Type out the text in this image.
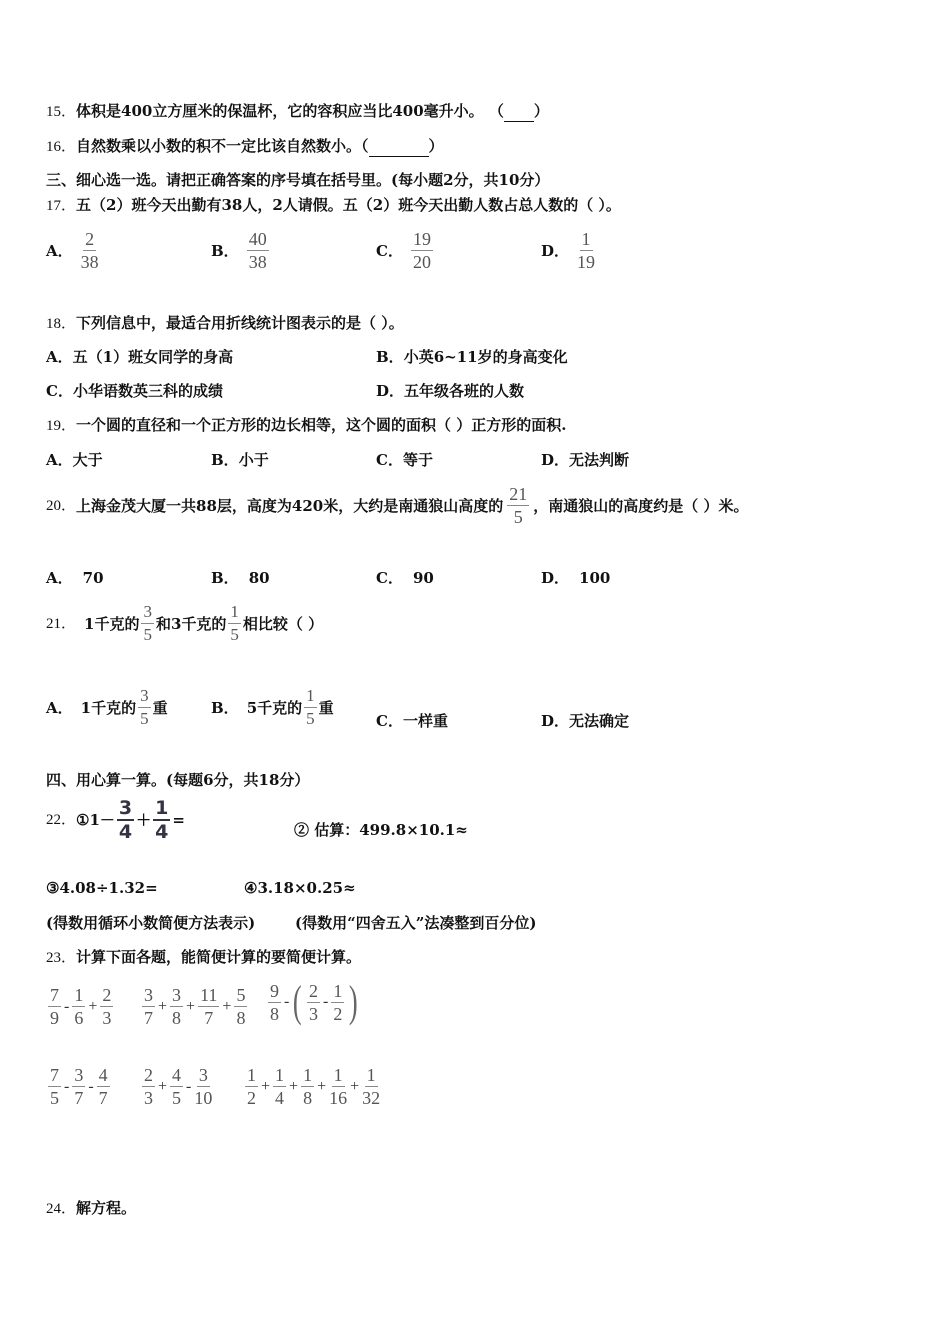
15．体积是400立方厘米的保温杯，它的容积应当比400毫升小。 （ ）
16．自然数乘以小数的积不一定比该自然数小。（	）
三、细心选一选。请把正确答案的序号填在括号里。(每小题2分，共10分）
17．五（2）班今天出勤有38人，2人请假。五（2）班今天出勤人数占总人数的（ ）。
A． $\frac{2}{38}$	B． $\frac{40}{38}$	C． $\frac{19}{20}$	D． $\frac{1}{19}$
18．下列信息中，最适合用折线统计图表示的是（ ）。
A．五（1）班女同学的身高	B．小英6~11岁的身高变化
C．小华语数英三科的成绩	D．五年级各班的人数
19．一个圆的直径和一个正方形的边长相等，这个圆的面积（ ）正方形的面积.
A．大于	B．小于	C．等于	D．无法判断
20． 上海金茂大厦一共88层，高度为420米，大约是南通狼山高度的 $\frac{21}{5}$ ，南通狼山的高度约是（ ）米。
A． 70	B． 80	C． 90	D． 100
21． 1千克的 $\frac{3}{5}$ 和3千克的 $\frac{1}{5}$ 相比较（ ）
A． 1千克的 $\frac{3}{5}$ 重	B． 5千克的 $\frac{1}{5}$ 重
C．一样重	D．无法确定
四、用心算一算。(每题6分，共18分）
22． ①1－ $\frac{3}{4} + \frac{1}{4}$ =
② 估算：499.8×10.1≈
③4.08÷1.32=	④3.18×0.25≈
(得数用循环小数简便方法表示)	(得数用“四舍五入”法凑整到百分位)
23．计算下面各题，能简便计算的要简便计算。
$\frac{7}{9} - \frac{1}{6} + \frac{2}{3} \frac{3}{7} + \frac{3}{8} + \frac{11}{7} + \frac{5}{8} \frac{9}{8}$ - ( $\frac{2}{3} - \frac{1}{2}$ )
$\frac{7}{5} - \frac{3}{7} - \frac{4}{7} \frac{2}{3} + \frac{4}{5} - \frac{3}{10} \frac{1}{2} + \frac{1}{4} + \frac{1}{8} + \frac{1}{16} + \frac{1}{32}$
24．解方程。
